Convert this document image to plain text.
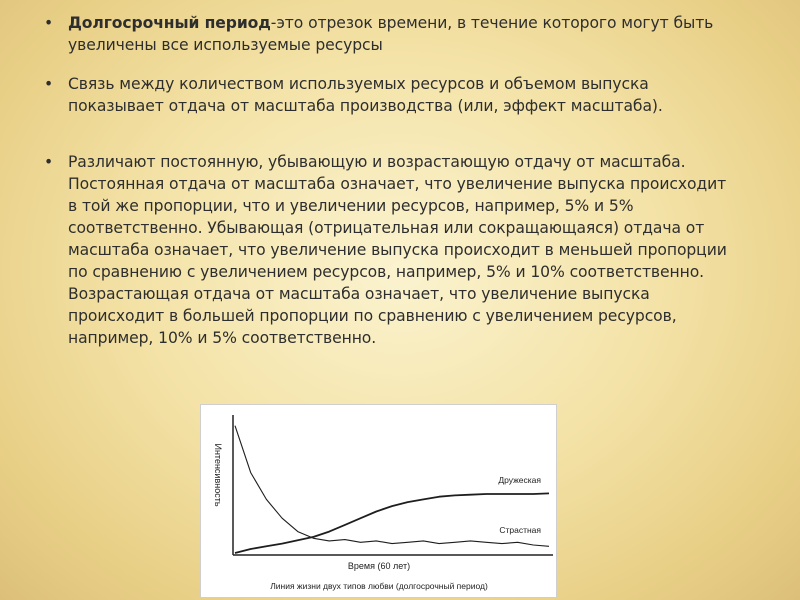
• Долгосрочный период-это отрезок времени, в течение которого могут быть увеличены все используемые ресурсы
• Связь между количеством используемых ресурсов и объемом выпуска показывает отдача от масштаба производства (или, эффект масштаба).
• Различают постоянную, убывающую и возрастающую отдачу от масштаба. Постоянная отдача от масштаба означает, что увеличение выпуска происходит в той же пропорции, что и увеличении ресурсов, например, 5% и 5% соответственно. Убывающая (отрицательная или сокращающаяся) отдача от масштаба означает, что увеличение выпуска происходит в меньшей пропорции по сравнению с увеличением ресурсов, например, 5% и 10% соответственно. Возрастающая отдача от масштаба означает, что увеличение выпуска происходит в большей пропорции по сравнению с увеличением ресурсов, например, 10% и 5% соответственно.
Интенсивность
Время (60 лет)
Линия жизни двух типов любви (долгосрочный период)
Дружеская
Страстная
